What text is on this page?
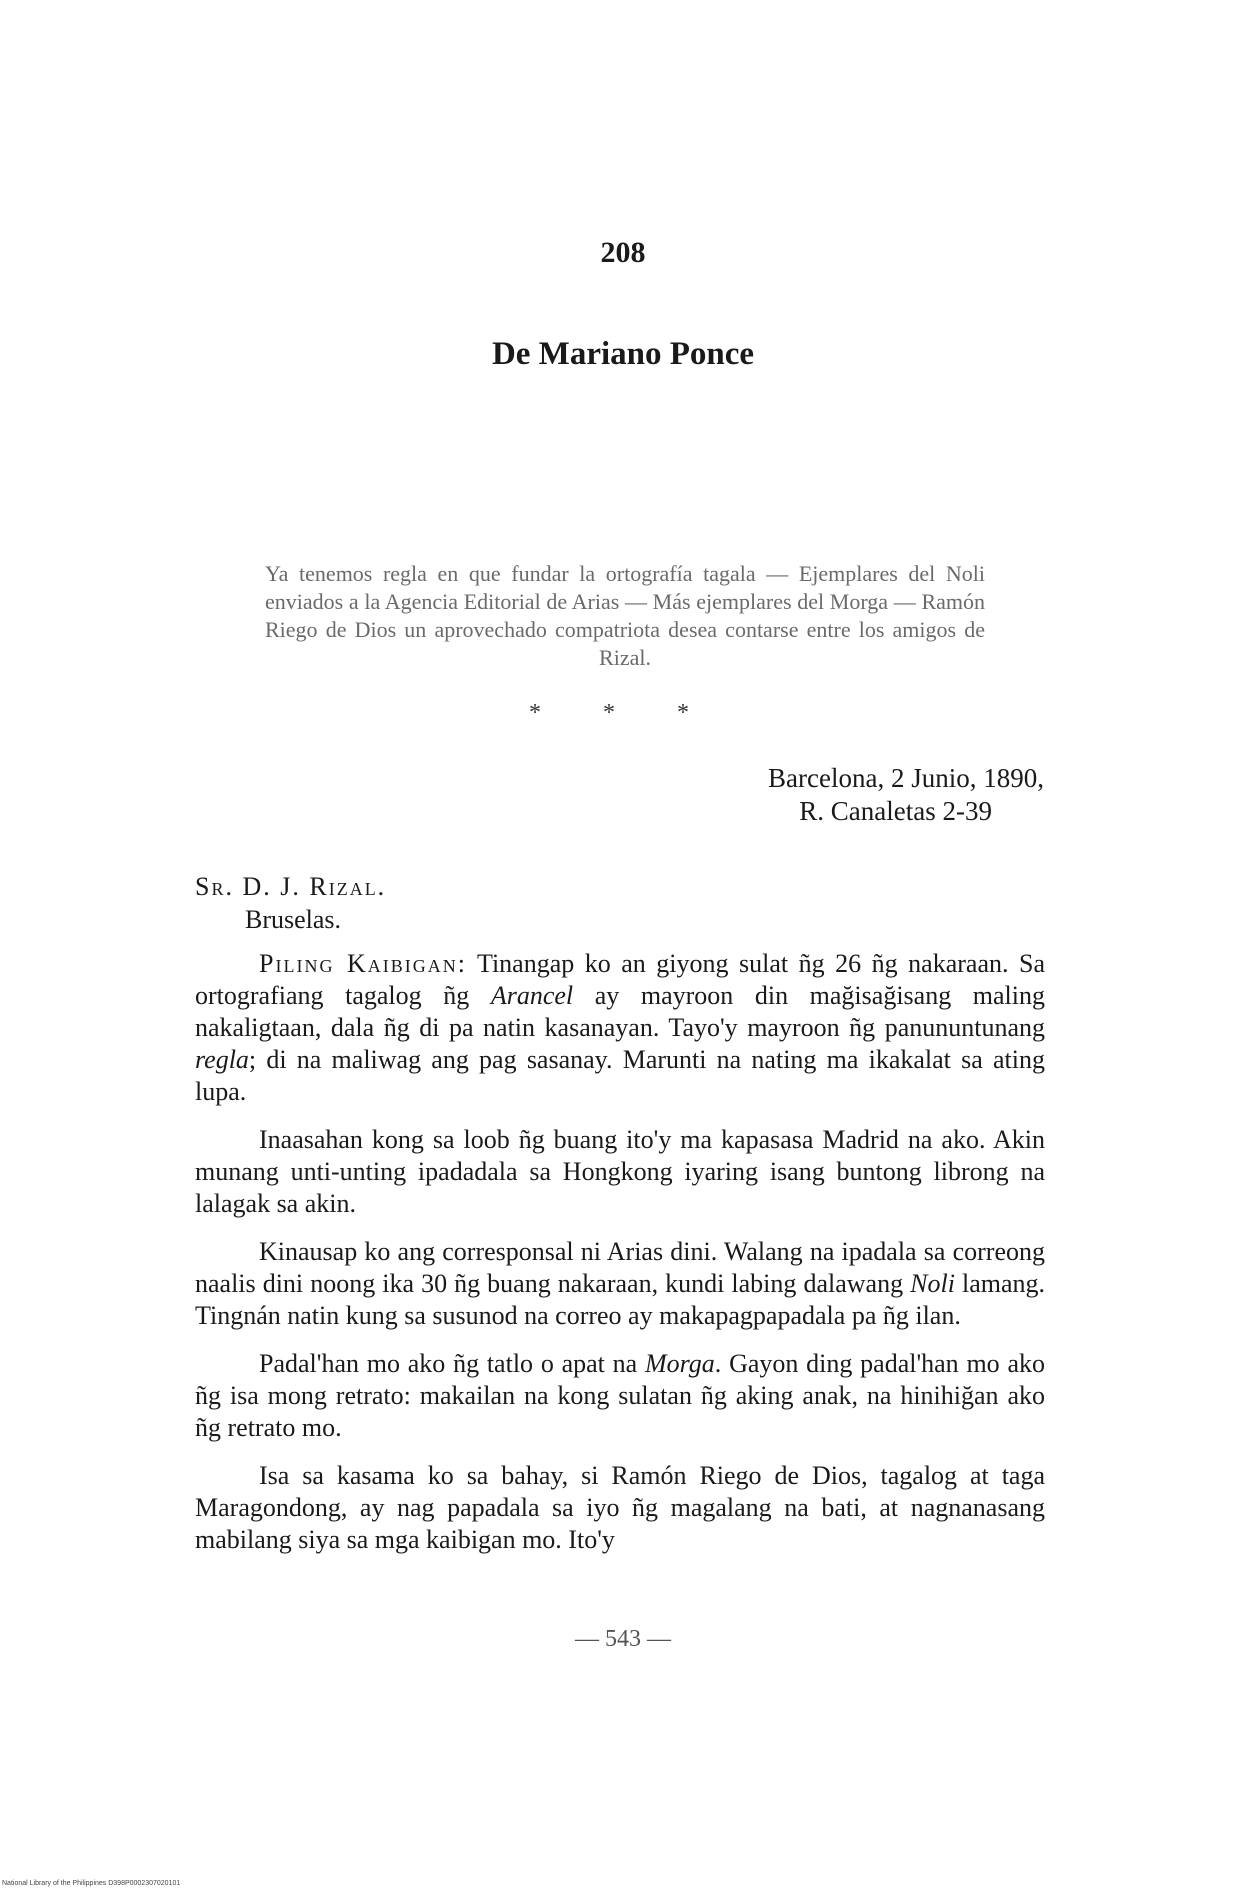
208
De Mariano Ponce
Ya tenemos regla en que fundar la ortografía tagala — Ejemplares del Noli enviados a la Agencia Editorial de Arias — Más ejemplares del Morga — Ramón Riego de Dios un aprovechado compatriota desea contarse entre los amigos de Rizal.
* * *
Barcelona, 2 Junio, 1890,
R. Canaletas 2-39
Sr. D. J. Rizal.
Bruselas.

Piling Kaibigan: Tinangap ko an giyong sulat ñg 26 ñg nakaraan. Sa ortografiang tagalog ñg Arancel ay mayroon din mağisağisang maling nakaligtaan, dala ñg di pa natin kasanayan. Tayo'y mayroon ñg panununtunang regla; di na maliwag ang pag sasanay. Marunti na nating ma ikakalat sa ating lupa.

Inaasahan kong sa loob ñg buang ito'y ma kapasasa Madrid na ako. Akin munang unti-unting ipadadala sa Hongkong iyaring isang buntong librong na lalagak sa akin.

Kinausap ko ang corresponsal ni Arias dini. Walang na ipadala sa correong naalis dini noong ika 30 ñg buang nakaraan, kundi labing dalawang Noli lamang. Tingnán natin kung sa susunod na correo ay makapagpapadala pa ñg ilan.

Padal'han mo ako ñg tatlo o apat na Morga. Gayon ding padal'han mo ako ñg isa mong retrato: makailan na kong sulatan ñg aking anak, na hinihiğan ako ñg retrato mo.

Isa sa kasama ko sa bahay, si Ramón Riego de Dios, tagalog at taga Maragondong, ay nag papadala sa iyo ñg magalang na bati, at nagnanasang mabilang siya sa mga kaibigan mo. Ito'y

— 543 —
National Library of the Philippines D398P0002307020101
